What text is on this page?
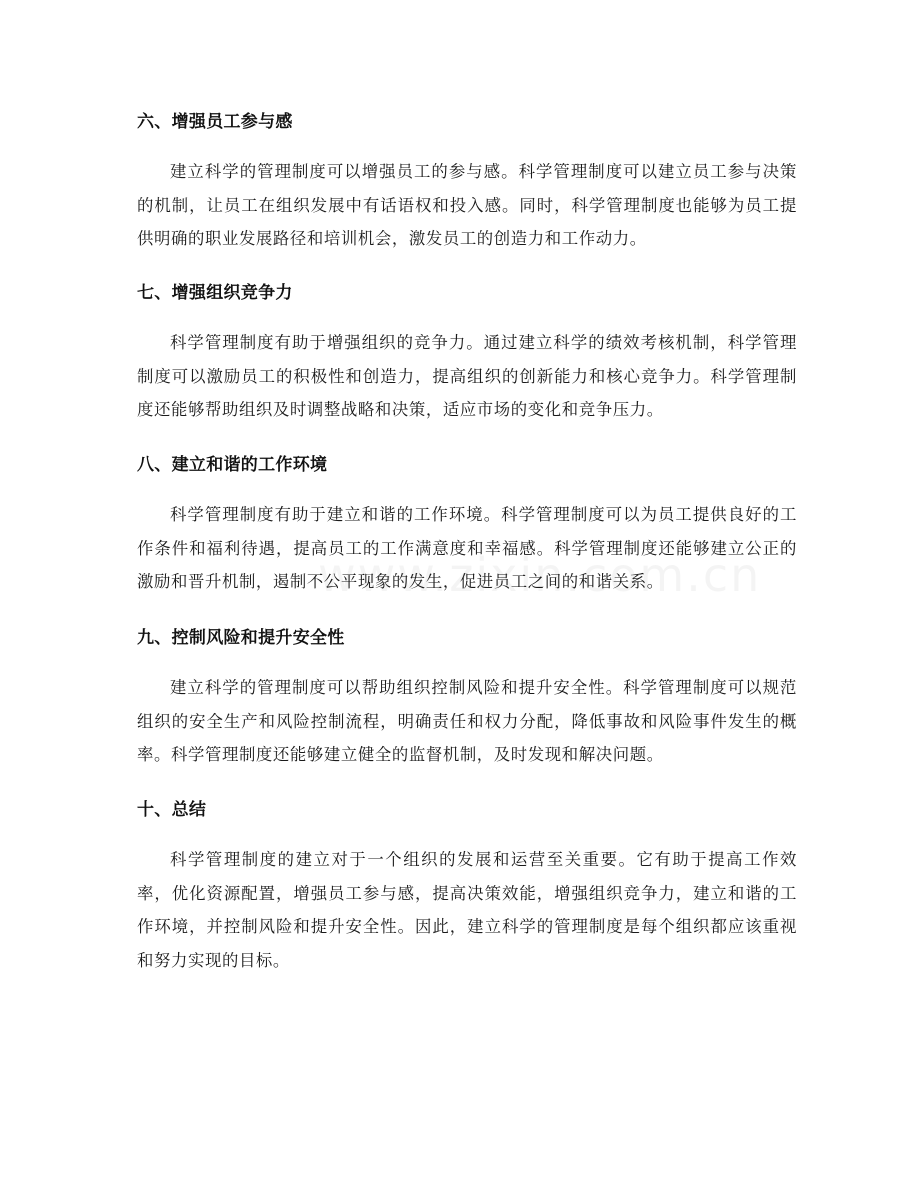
六、增强员工参与感

建立科学的管理制度可以增强员工的参与感。科学管理制度可以建立员工参与决策的机制，让员工在组织发展中有话语权和投入感。同时，科学管理制度也能够为员工提供明确的职业发展路径和培训机会，激发员工的创造力和工作动力。

七、增强组织竞争力

科学管理制度有助于增强组织的竞争力。通过建立科学的绩效考核机制，科学管理制度可以激励员工的积极性和创造力，提高组织的创新能力和核心竞争力。科学管理制度还能够帮助组织及时调整战略和决策，适应市场的变化和竞争压力。

八、建立和谐的工作环境

科学管理制度有助于建立和谐的工作环境。科学管理制度可以为员工提供良好的工作条件和福利待遇，提高员工的工作满意度和幸福感。科学管理制度还能够建立公正的激励和晋升机制，遏制不公平现象的发生，促进员工之间的和谐关系。

九、控制风险和提升安全性

建立科学的管理制度可以帮助组织控制风险和提升安全性。科学管理制度可以规范组织的安全生产和风险控制流程，明确责任和权力分配，降低事故和风险事件发生的概率。科学管理制度还能够建立健全的监督机制，及时发现和解决问题。

十、总结

科学管理制度的建立对于一个组织的发展和运营至关重要。它有助于提高工作效率，优化资源配置，增强员工参与感，提高决策效能，增强组织竞争力，建立和谐的工作环境，并控制风险和提升安全性。因此，建立科学的管理制度是每个组织都应该重视和努力实现的目标。
